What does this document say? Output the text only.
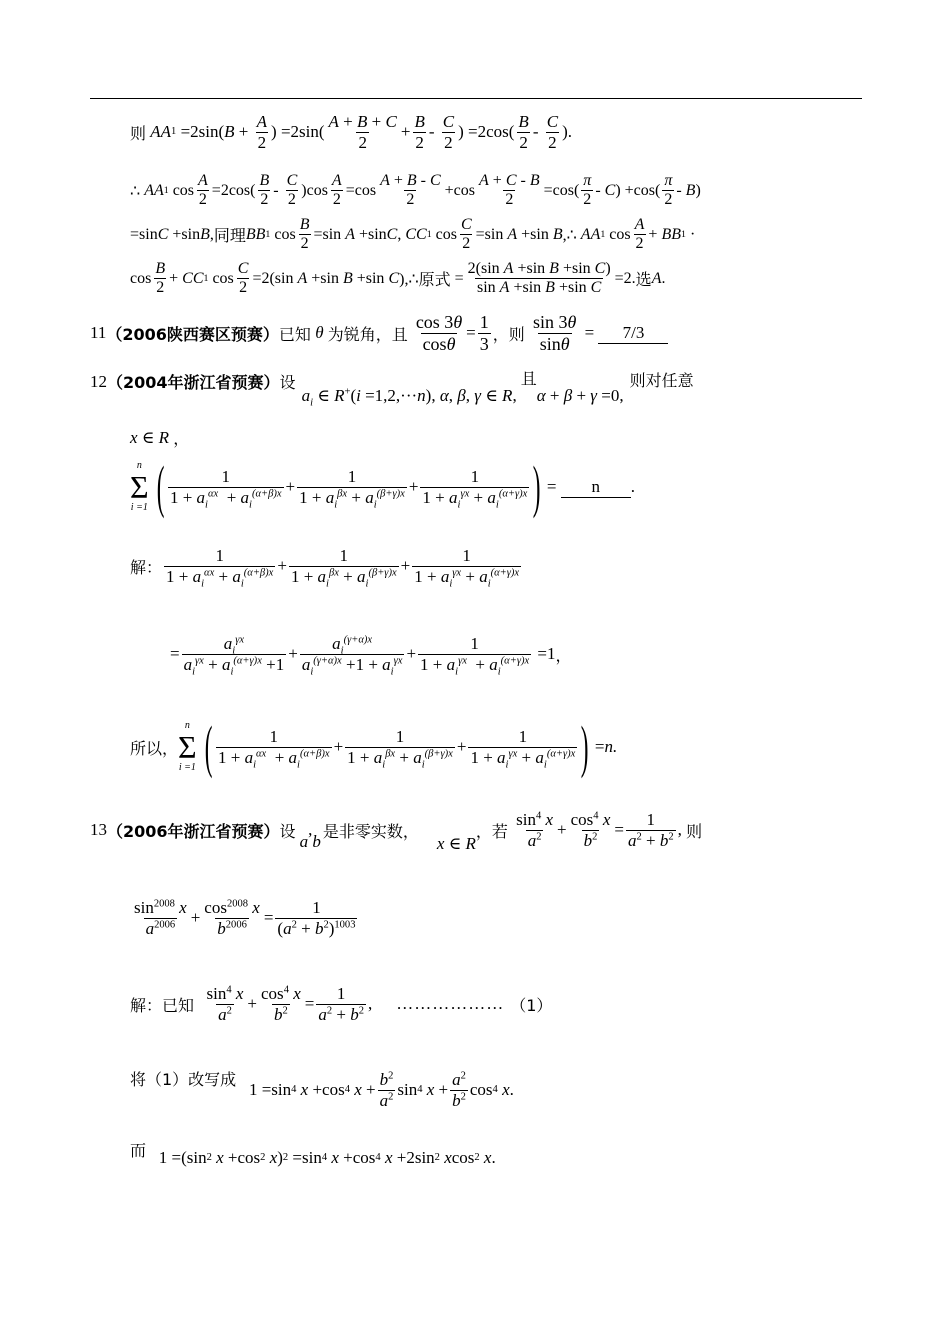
则
AA 1 =2sin( $B + \frac{A}{2}$ ) $=2\sin( \frac{A + B + C}{2} + \frac{B}{2} - \frac{C}{2}$ ) $=2\cos( \frac{B}{2} - \frac{C}{2}$ ).
∴ AA 1 $\cos \frac{A}{2} =2\cos( \frac{B}{2} - \frac{C}{2} )\cos \frac{A}{2} =\cos \frac{A + B - C}{2} +\cos \frac{A + C - B}{2} =\cos( \frac{\pi}{2} - C$ ) $+\cos( \frac{\pi}{2} - B$ )
=sin C +sin B , 同理 BB 1 $\cos \frac{B}{2} =\sin$ A +sin C , CC 1 $\cos \frac{C}{2} =\sin$ A +sin B ,∴ AA 1 $\cos \frac{A}{2}$ + BB 1 ·
$\cos \frac{B}{2}$ + CC 1 $\cos \frac{C}{2} =2(\sin$ A +sin B +sin C ),∴ 原式 = $\frac{\text{2(sin A +sin B +sin C)}}{\text{sin A +sin B +sin C}} =2$. 选 A .
11 （2006陕西赛区预赛） 已知
θ
为锐角，且 $\frac{\cos 3\theta}{\cos\theta} = \frac{1}{3}$ ，则
$\frac{\sin 3\theta}{\sin\theta}$ =	7/3
12 （2004年浙江省预赛） 设
$a_i$ ∈ R+(i =1,2,···n), α, β, γ ∈ R,
且
α + β + γ =0,
则对任意
x ∈ R
，
n
Σ
i =1 ( $\frac{1}{1 + a_i^{\alpha x} + a_i^{(\alpha+\beta)x}} + \frac{1}{1 + a_i^{\beta x} + a_i^{(\beta+\gamma)x}} + \frac{1}{1 + a_i^{\gamma x} + a_i^{(\alpha+\gamma)x}}$ ) =	n	.
解： $\frac{1}{1 + a_i^{\alpha x} + a_i^{(\alpha+\beta)x}} + \frac{1}{1 + a_i^{\beta x} + a_i^{(\beta+\gamma)x}} + \frac{1}{1 + a_i^{\gamma x} + a_i^{(\alpha+\gamma)x}}$
= $\frac{a_i^{\gamma x}}{a_i^{\gamma x} + a_i^{(\alpha+\gamma)x} +1} + \frac{a_i^{(\gamma+\alpha)x}}{a_i^{(\gamma+\alpha)x} +1 + a_i^{\gamma x}} + \frac{1}{1 + a_i^{\gamma x} + a_i^{(\alpha+\gamma)x}} =1$ ，
所以，
n
Σ
i =1 ( $\frac{1}{1 + a_i^{\alpha x} + a_i^{(\alpha+\beta)x}} + \frac{1}{1 + a_i^{\beta x} + a_i^{(\beta+\gamma)x}} + \frac{1}{1 + a_i^{\gamma x} + a_i^{(\alpha+\gamma)x}}$ ) = n.
13 （2006年浙江省预赛） 设
a
,
b
是非零实数，
x ∈ R
，若
$\frac{\sin^4 x}{a^2} + \frac{\cos^4 x}{b^2} = \frac{1}{a^2 + b^2}$ , 则
$\frac{\sin^{2008} x}{a^{2006}} + \frac{\cos^{2008} x}{b^{2006}} = \frac{1}{(a^2 + b^2)^{1003}}$
解：已知
$\frac{\sin^4 x}{a^2} + \frac{\cos^4 x}{b^2} = \frac{1}{a^2 + b^2}$ , ……………… （1）
将（1）改写成
1 =sin 4
x +cos 4
$x + \frac{b^2}{a^2}$ sin 4
$x + \frac{a^2}{b^2}$ cos 4
x .
而 1 =(sin 2
x +cos 2
x ) 2 =sin 4
x +cos 4
x +2sin 2
x cos 2
x .
